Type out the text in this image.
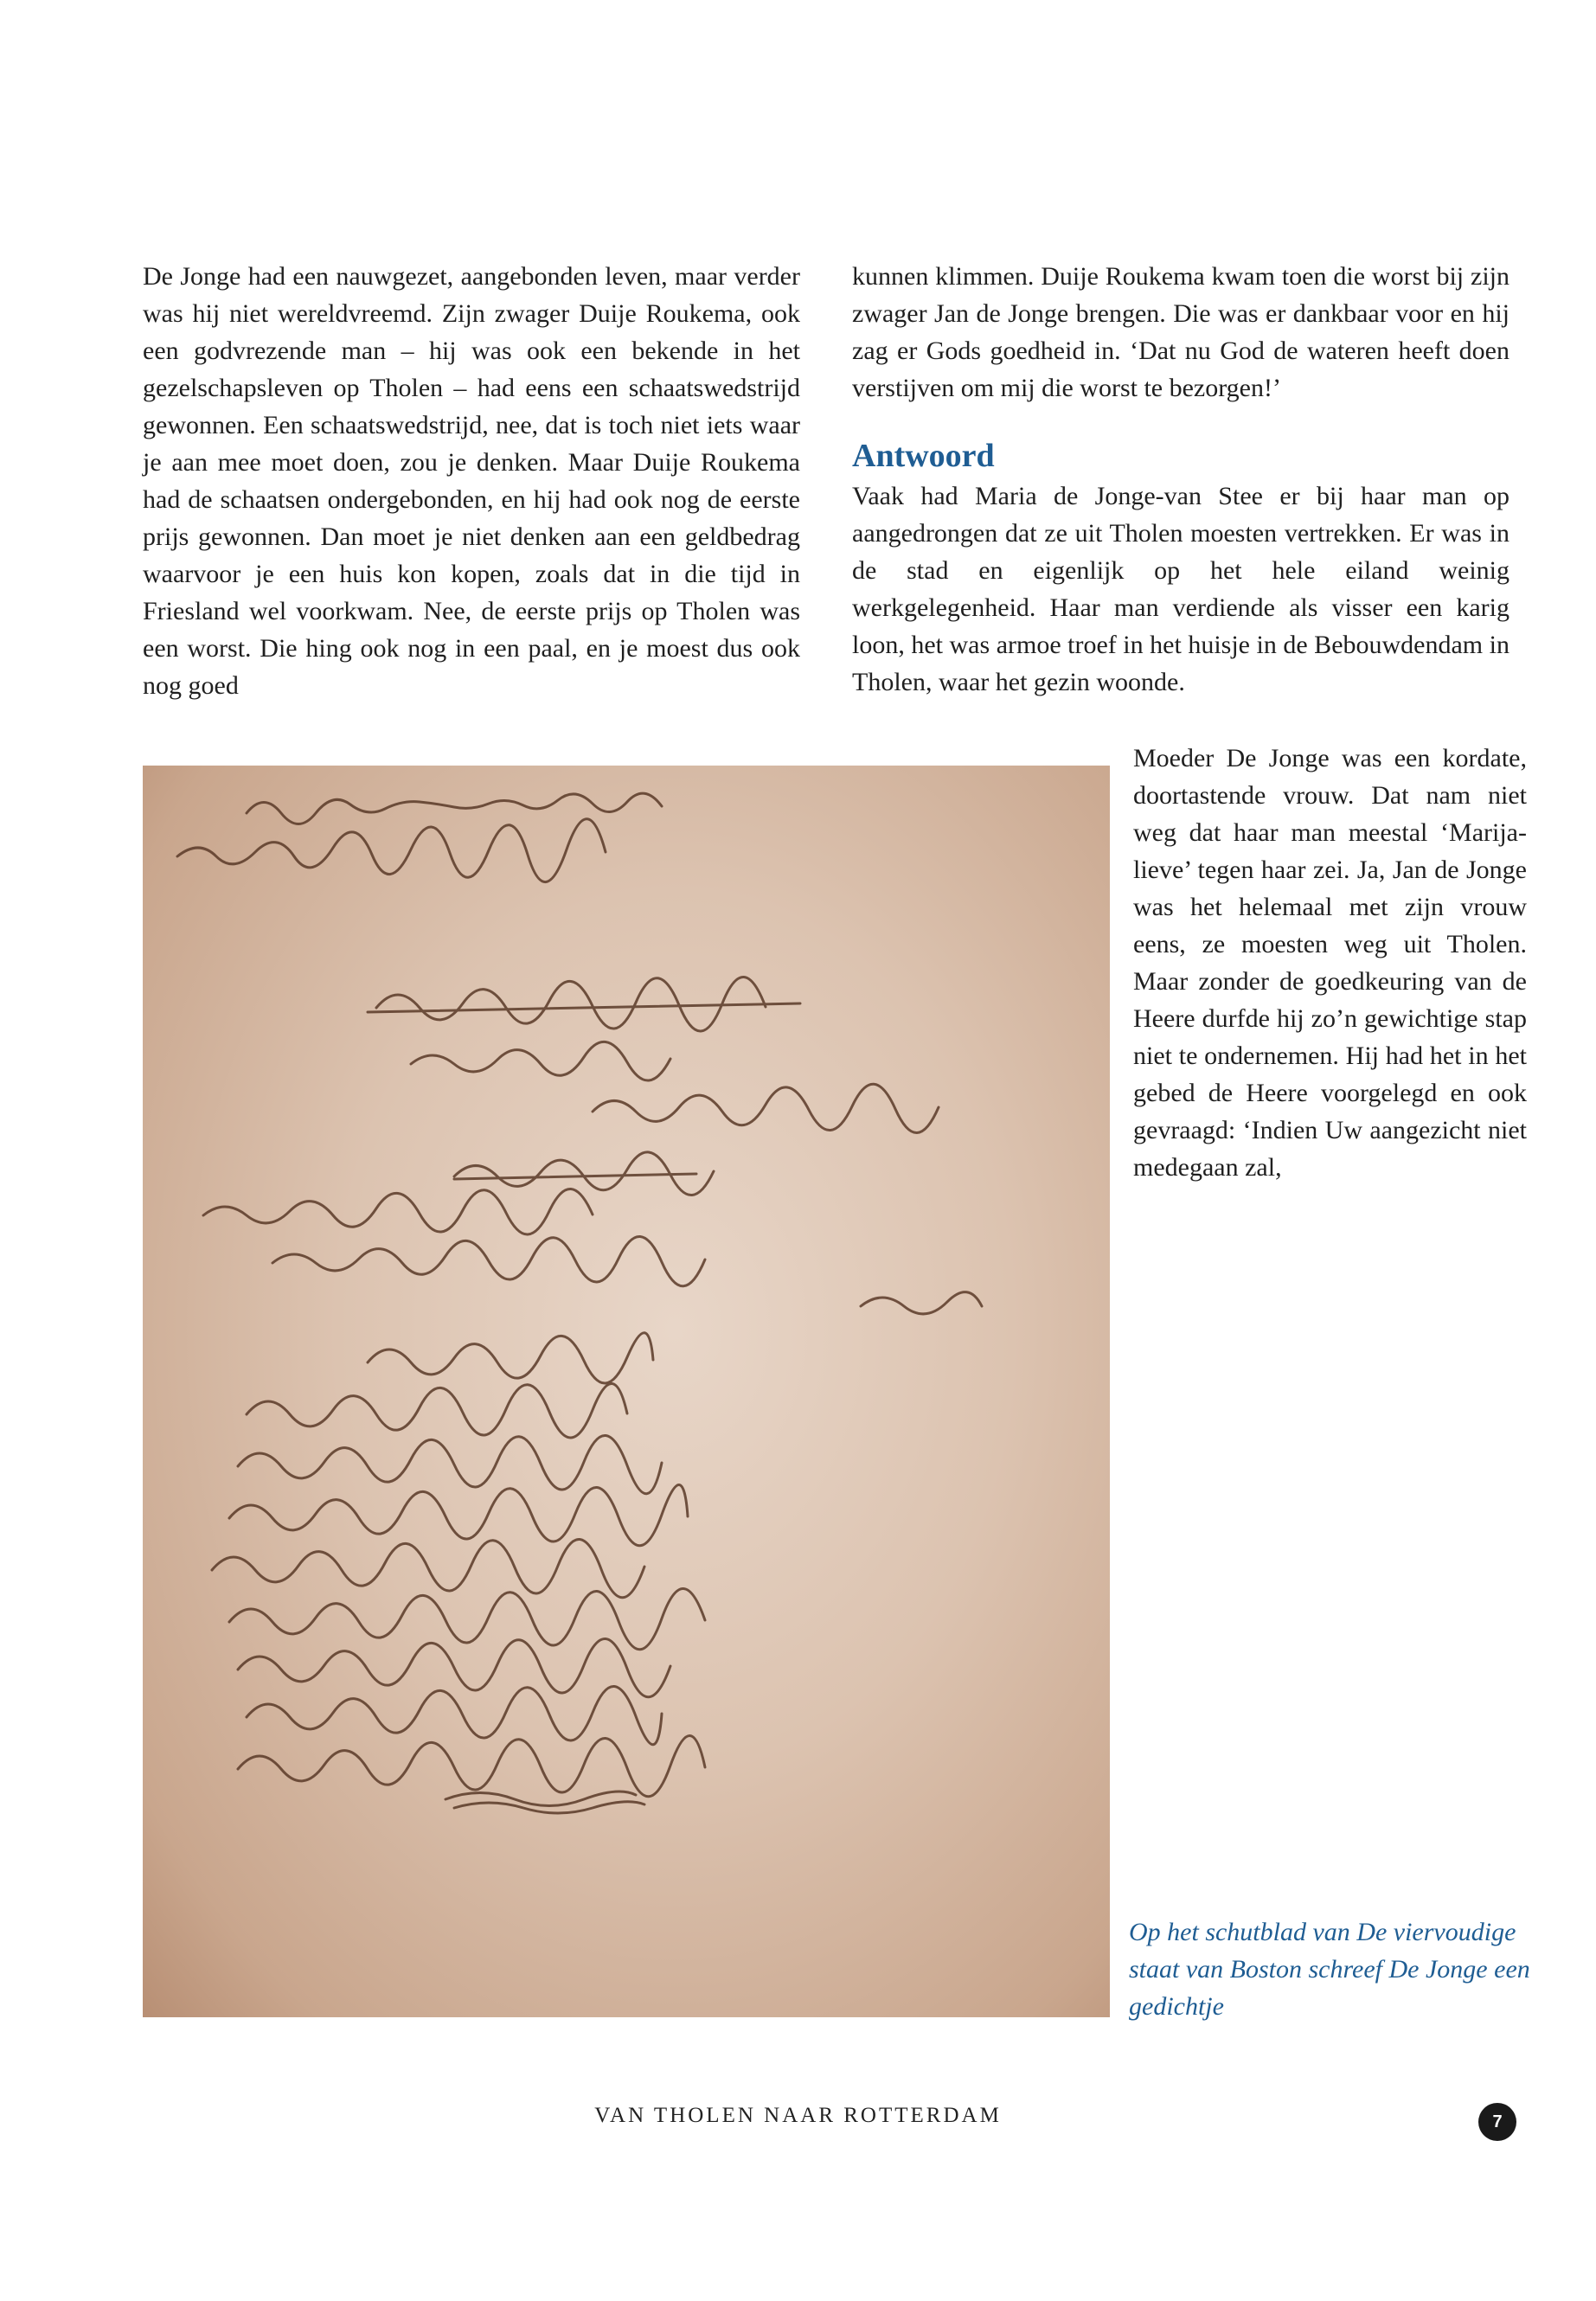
De Jonge had een nauwgezet, aangebonden leven, maar verder was hij niet wereldvreemd. Zijn zwager Duije Roukema, ook een godvrezende man – hij was ook een bekende in het gezelschapsleven op Tholen – had eens een schaatswedstrijd gewonnen. Een schaatswedstrijd, nee, dat is toch niet iets waar je aan mee moet doen, zou je denken. Maar Duije Roukema had de schaatsen ondergebonden, en hij had ook nog de eerste prijs gewonnen. Dan moet je niet denken aan een geldbedrag waarvoor je een huis kon kopen, zoals dat in die tijd in Friesland wel voorkwam. Nee, de eerste prijs op Tholen was een worst. Die hing ook nog in een paal, en je moest dus ook nog goed

kunnen klimmen. Duije Roukema kwam toen die worst bij zijn zwager Jan de Jonge brengen. Die was er dankbaar voor en hij zag er Gods goedheid in. ‘Dat nu God de wateren heeft doen verstijven om mij die worst te bezorgen!’

Antwoord

Vaak had Maria de Jonge-van Stee er bij haar man op aangedrongen dat ze uit Tholen moesten vertrekken. Er was in de stad en eigenlijk op het hele eiland weinig werkgelegenheid. Haar man verdiende als visser een karig loon, het was armoe troef in het huisje in de Bebouwdendam in Tholen, waar het gezin woonde.

Moeder De Jonge was een kordate, doortastende vrouw. Dat nam niet weg dat haar man meestal ‘Marija-lieve’ tegen haar zei. Ja, Jan de Jonge was het helemaal met zijn vrouw eens, ze moesten weg uit Tholen. Maar zonder de goedkeuring van de Heere durfde hij zo’n gewichtige stap niet te ondernemen. Hij had het in het gebed de Heere voorgelegd en ook gevraagd: ‘Indien Uw aangezicht niet medegaan zal,

Op het schutblad van De viervoudige staat van Boston schreef De Jonge een gedichtje
VAN THOLEN NAAR ROTTERDAM	7
